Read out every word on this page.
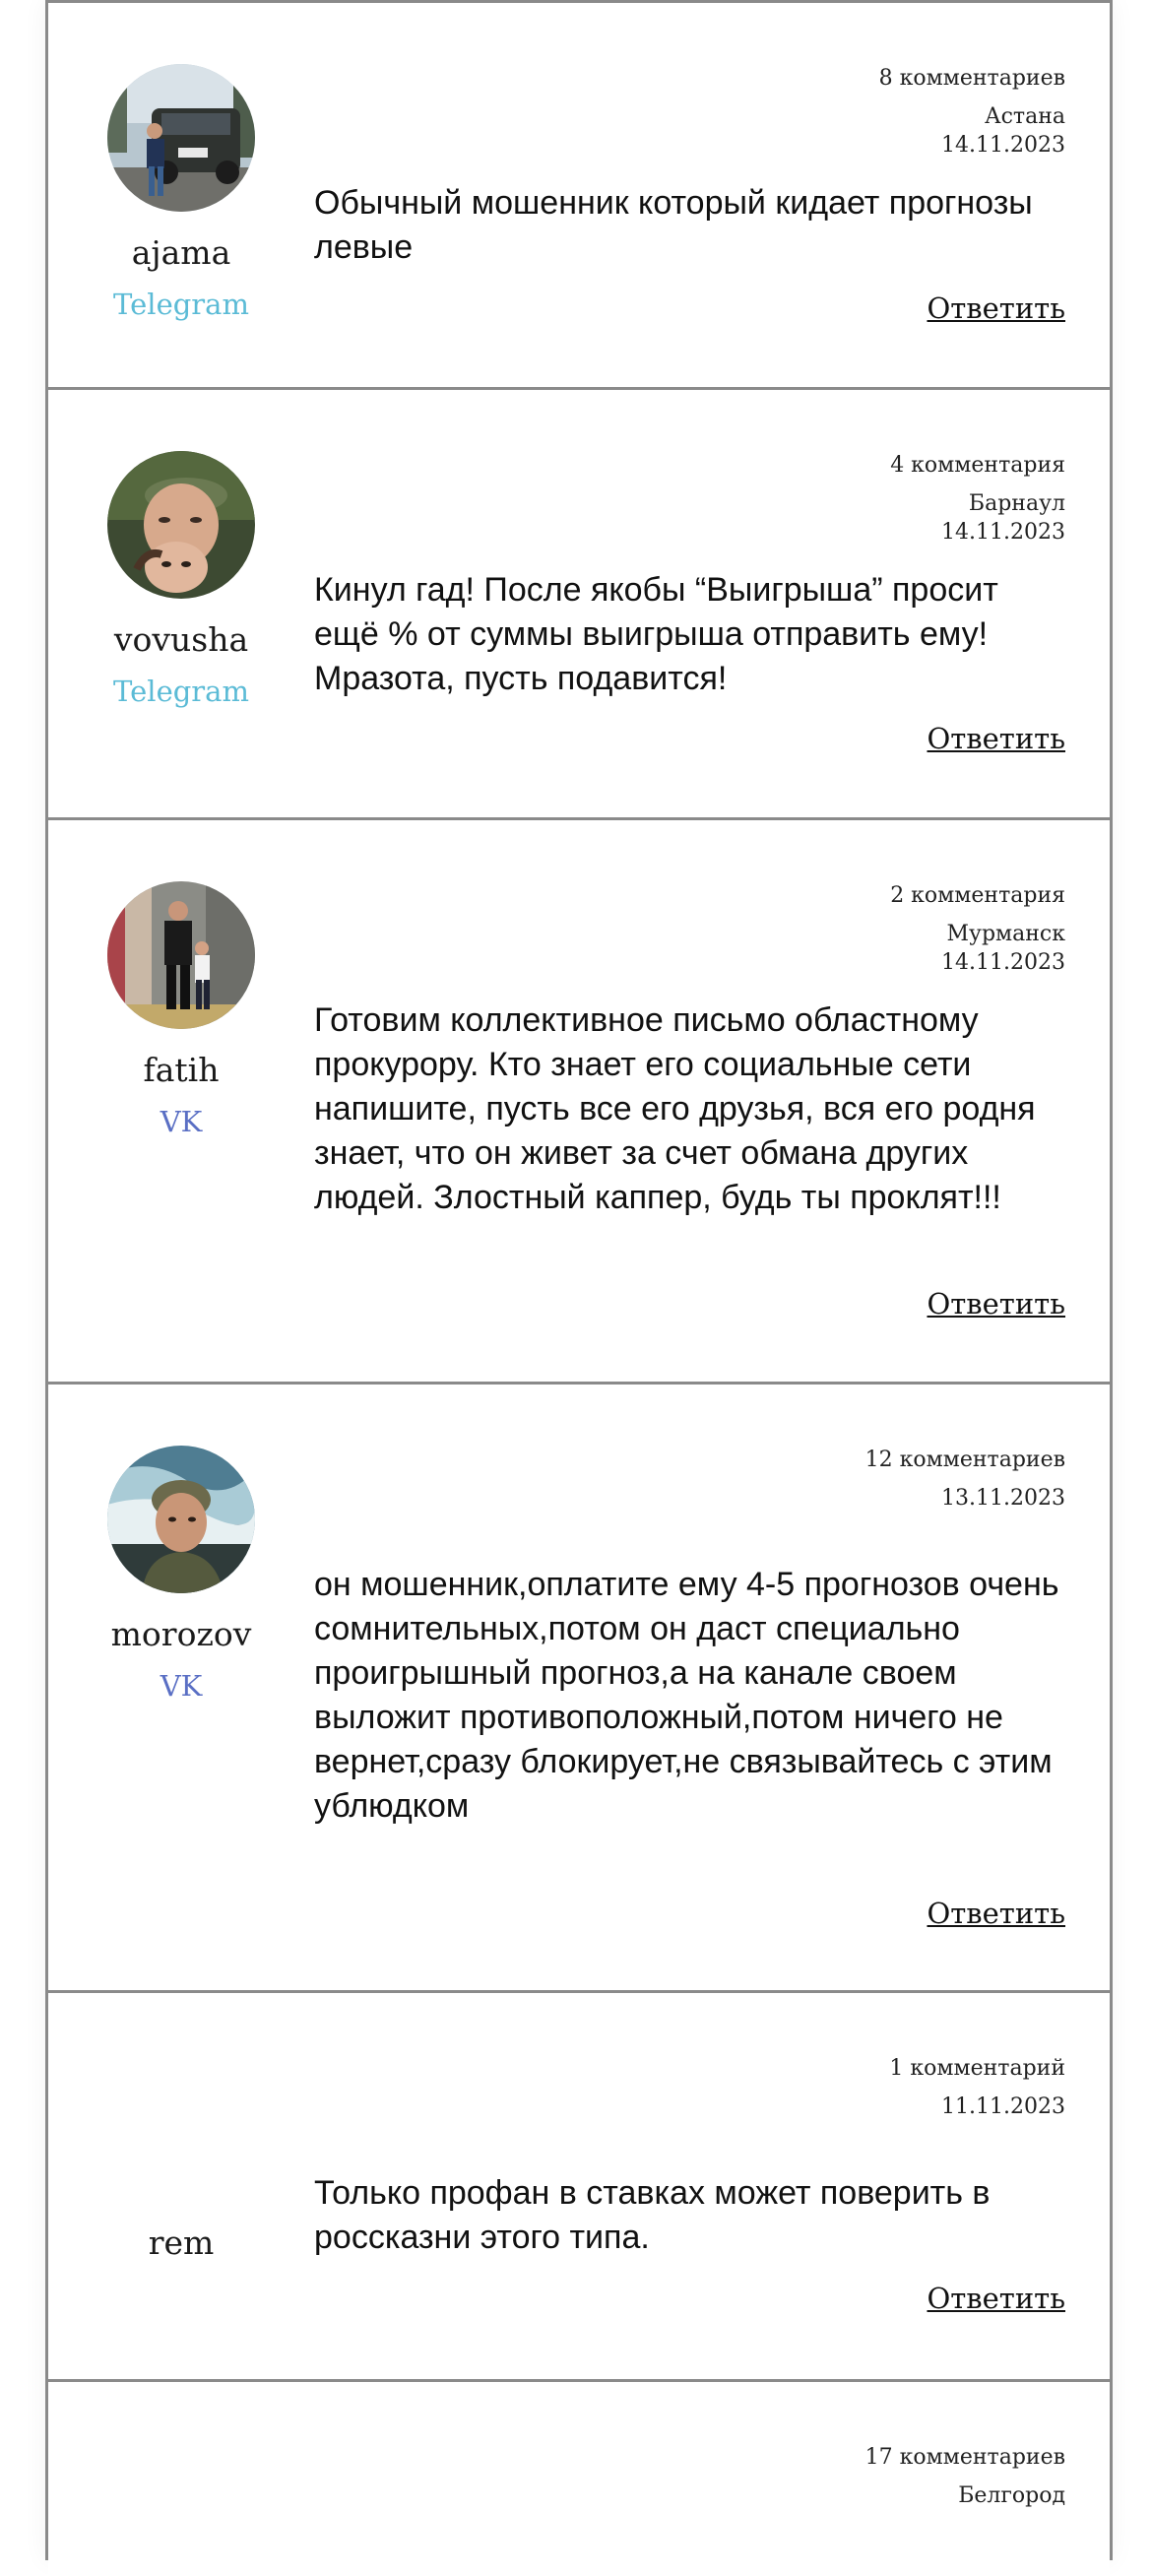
ajama
Telegram
8 комментариев
Астана
14.11.2023
Обычный мошенник который кидает прогнозы левые
Ответить
vovusha
Telegram
4 комментария
Барнаул
14.11.2023
Кинул гад! После якобы “Выигрыша” просит ещё % от суммы выигрыша отправить ему! Мразота, пусть подавится!
Ответить
fatih
VK
2 комментария
Мурманск
14.11.2023
Готовим коллективное письмо областному прокурору. Кто знает его социальные сети напишите, пусть все его друзья, вся его родня знает, что он живет за счет обмана других людей. Злостный каппер, будь ты проклят!!!
Ответить
morozov
VK
12 комментариев
13.11.2023
он мошенник,оплатите ему 4-5 прогнозов очень сомнительных,потом он даст специально проигрышный прогноз,а на канале своем выложит противоположный,потом ничего не вернет,сразу блокирует,не связывайтесь с этим ублюдком
Ответить
rem
1 комментарий
11.11.2023
Только профан в ставках может поверить в россказни этого типа.
Ответить
17 комментариев
Белгород
